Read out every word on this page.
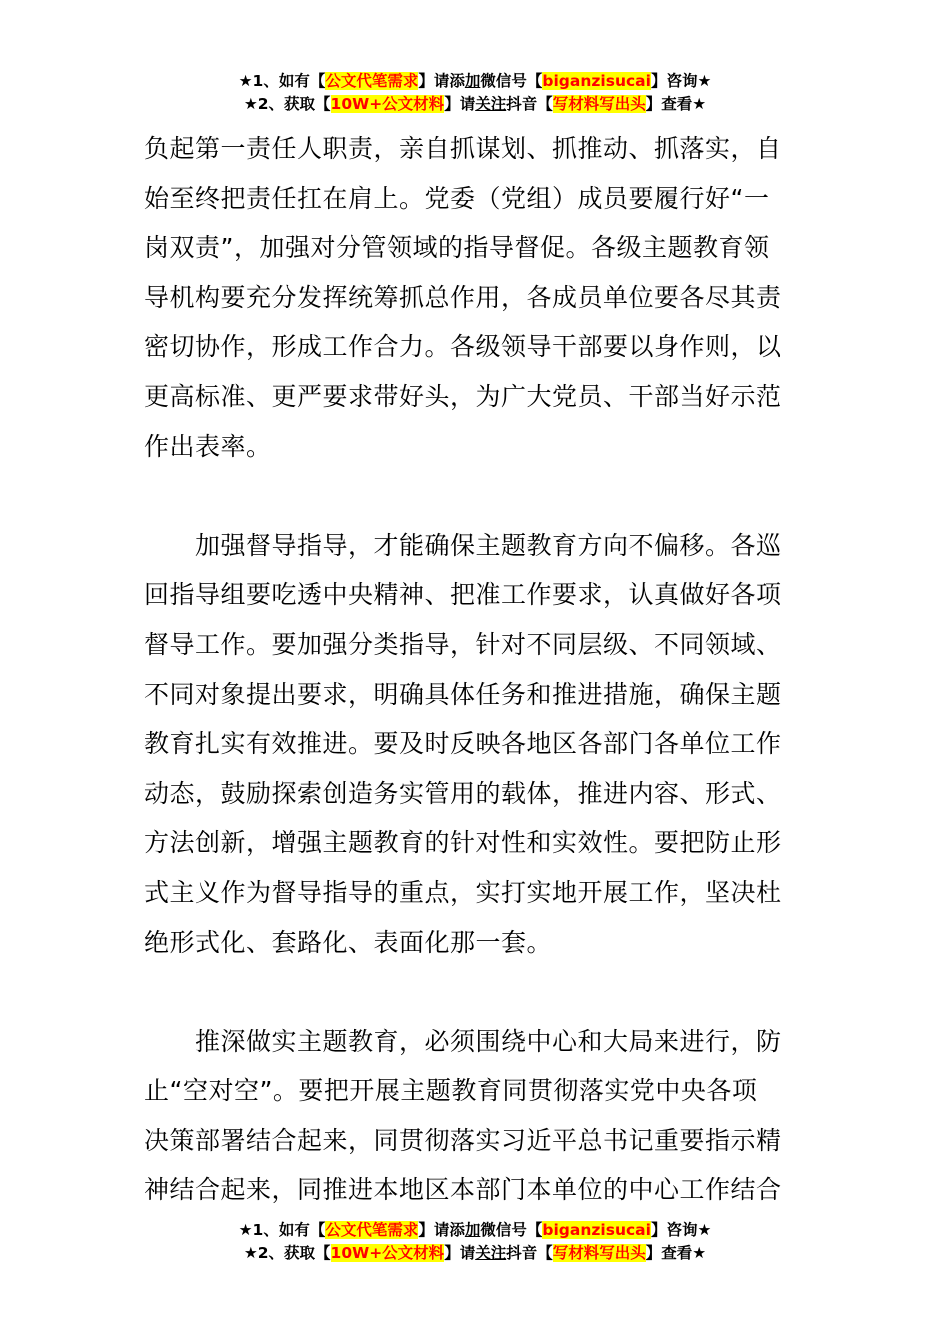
★1、如有【公文代笔需求】请添加微信号【biganzisucai】咨询★
★2、获取【10W+公文材料】请关注抖音【写材料写出头】查看★
负起第一责任人职责，亲自抓谋划、抓推动、抓落实，自
始至终把责任扛在肩上。党委（党组）成员要履行好“一
岗双责”，加强对分管领域的指导督促。各级主题教育领
导机构要充分发挥统筹抓总作用，各成员单位要各尽其责
密切协作，形成工作合力。各级领导干部要以身作则，以
更高标准、更严要求带好头，为广大党员、干部当好示范
作出表率。
　　加强督导指导，才能确保主题教育方向不偏移。各巡
回指导组要吃透中央精神、把准工作要求，认真做好各项
督导工作。要加强分类指导，针对不同层级、不同领域、
不同对象提出要求，明确具体任务和推进措施，确保主题
教育扎实有效推进。要及时反映各地区各部门各单位工作
动态，鼓励探索创造务实管用的载体，推进内容、形式、
方法创新，增强主题教育的针对性和实效性。要把防止形
式主义作为督导指导的重点，实打实地开展工作，坚决杜
绝形式化、套路化、表面化那一套。
　　推深做实主题教育，必须围绕中心和大局来进行，防
止“空对空”。要把开展主题教育同贯彻落实党中央各项
决策部署结合起来，同贯彻落实习近平总书记重要指示精
神结合起来，同推进本地区本部门本单位的中心工作结合
★1、如有【公文代笔需求】请添加微信号【biganzisucai】咨询★
★2、获取【10W+公文材料】请关注抖音【写材料写出头】查看★
